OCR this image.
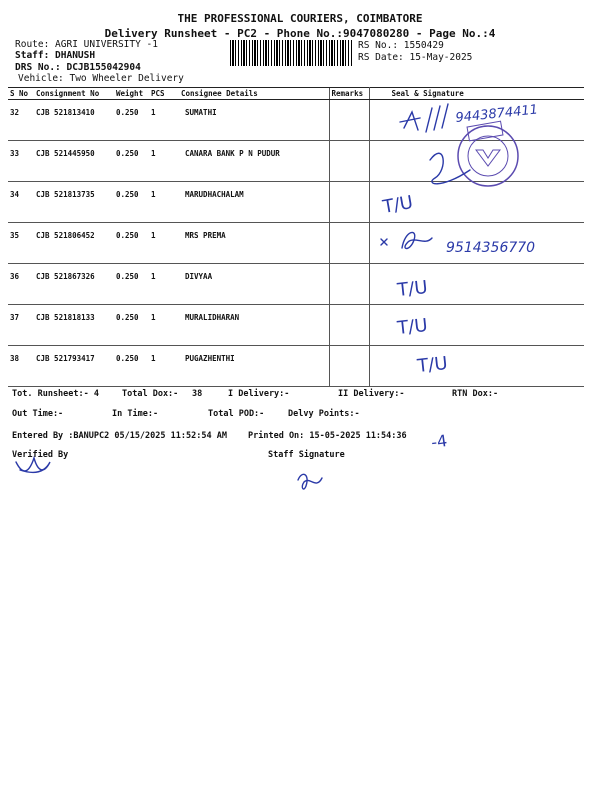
THE PROFESSIONAL COURIERS, COIMBATORE
Delivery Runsheet - PC2 - Phone No.:9047080280 - Page No.:4
Route: AGRI UNIVERSITY -1
Staff: DHANUSH
DRS No.: DCJB155042904
Vehicle: Two Wheeler Delivery
RS No.: 1550429
RS Date: 15-May-2025
S No	Consignment No	Weight	PCS	Consignee Details	Remarks	Seal & Signature
32	CJB 521813410	0.250	1	SUMATHI		
33	CJB 521445950	0.250	1	CANARA BANK P N PUDUR		
34	CJB 521813735	0.250	1	MARUDHACHALAM		
35	CJB 521806452	0.250	1	MRS PREMA		
36	CJB 521867326	0.250	1	DIVYAA		
37	CJB 521818133	0.250	1	MURALIDHARAN		
38	CJB 521793417	0.250	1	PUGAZHENTHI		
Tot. Runsheet:- 4	Total Dox:- 38	I Delivery:-	II Delivery:-	RTN Dox:-
Out Time:-	In Time:-	Total POD:-	Delvy Points:-
Entered By :BANUPC2 05/15/2025 11:52:54 AM Printed On: 15-05-2025 11:54:36
Verified By	Staff Signature
9443874411
T/U
9514356770
T/U
T/U
T/U
-4
